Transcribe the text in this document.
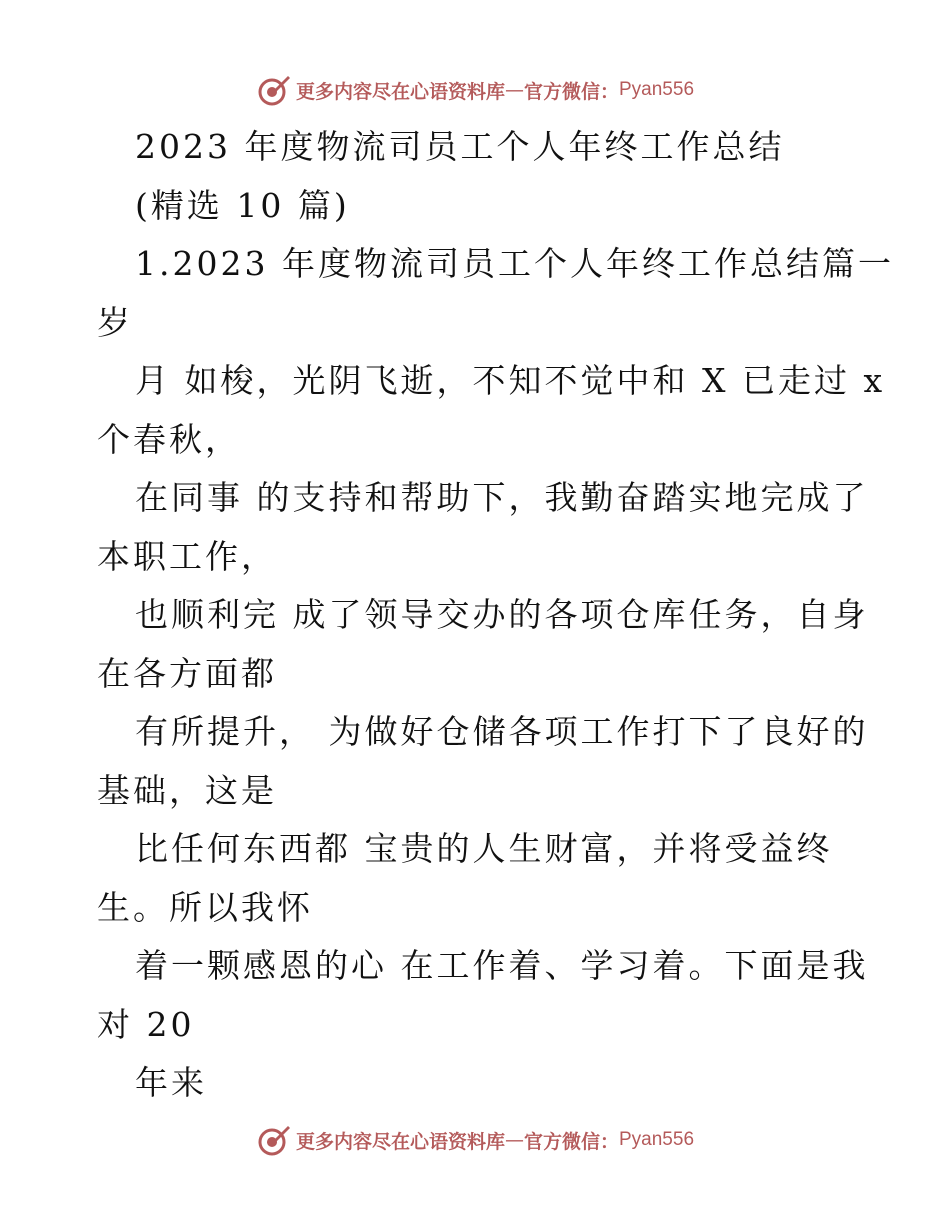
更多内容尽在心语资料库 — 官方微信： Pyan556
2023 年度物流司员工个人年终工作总结
(精选 10 篇)
1.2023 年度物流司员工个人年终工作总结篇一
岁
月 如梭，光阴飞逝，不知不觉中和 X 已走过 x
个春秋，
在同事 的支持和帮助下，我勤奋踏实地完成了
本职工作，
也顺利完 成了领导交办的各项仓库任务，自身
在各方面都
有所提升， 为做好仓储各项工作打下了良好的
基础，这是
比任何东西都 宝贵的人生财富，并将受益终
生。所以我怀
着一颗感恩的心 在工作着、学习着。下面是我
对 20
年来
更多内容尽在心语资料库 — 官方微信： Pyan556
